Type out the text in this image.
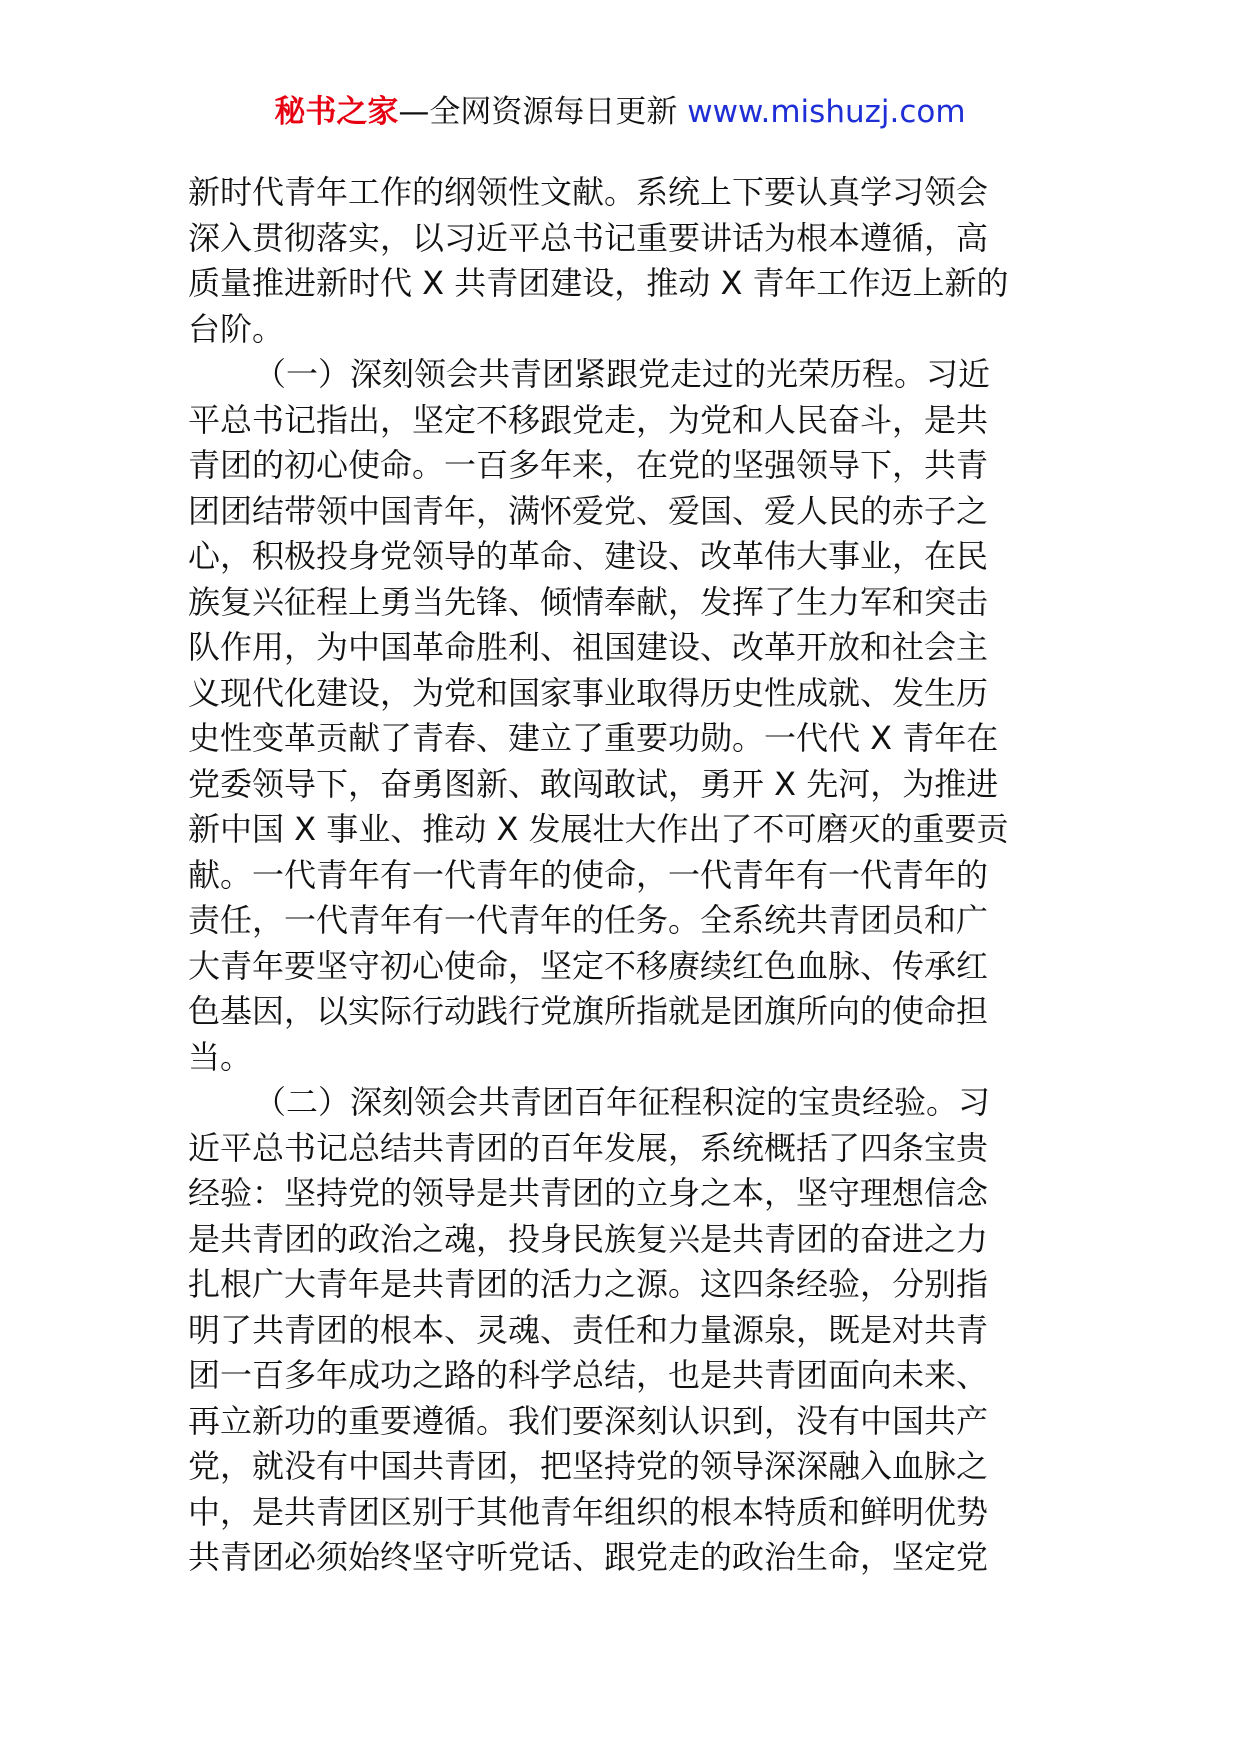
秘书之家—全网资源每日更新 www.mishuzj.com
新时代青年工作的纲领性文献。系统上下要认真学习领会
深入贯彻落实，以习近平总书记重要讲话为根本遵循，高
质量推进新时代 X 共青团建设，推动 X 青年工作迈上新的
台阶。
（一）深刻领会共青团紧跟党走过的光荣历程。习近
平总书记指出，坚定不移跟党走，为党和人民奋斗，是共
青团的初心使命。一百多年来，在党的坚强领导下，共青
团团结带领中国青年，满怀爱党、爱国、爱人民的赤子之
心，积极投身党领导的革命、建设、改革伟大事业，在民
族复兴征程上勇当先锋、倾情奉献，发挥了生力军和突击
队作用，为中国革命胜利、祖国建设、改革开放和社会主
义现代化建设，为党和国家事业取得历史性成就、发生历
史性变革贡献了青春、建立了重要功勋。一代代 X 青年在
党委领导下，奋勇图新、敢闯敢试，勇开 X 先河，为推进
新中国 X 事业、推动 X 发展壮大作出了不可磨灭的重要贡
献。一代青年有一代青年的使命，一代青年有一代青年的
责任，一代青年有一代青年的任务。全系统共青团员和广
大青年要坚守初心使命，坚定不移赓续红色血脉、传承红
色基因，以实际行动践行党旗所指就是团旗所向的使命担
当。
（二）深刻领会共青团百年征程积淀的宝贵经验。习
近平总书记总结共青团的百年发展，系统概括了四条宝贵
经验：坚持党的领导是共青团的立身之本，坚守理想信念
是共青团的政治之魂，投身民族复兴是共青团的奋进之力
扎根广大青年是共青团的活力之源。这四条经验，分别指
明了共青团的根本、灵魂、责任和力量源泉，既是对共青
团一百多年成功之路的科学总结，也是共青团面向未来、
再立新功的重要遵循。我们要深刻认识到，没有中国共产
党，就没有中国共青团，把坚持党的领导深深融入血脉之
中，是共青团区别于其他青年组织的根本特质和鲜明优势
共青团必须始终坚守听党话、跟党走的政治生命，坚定党
